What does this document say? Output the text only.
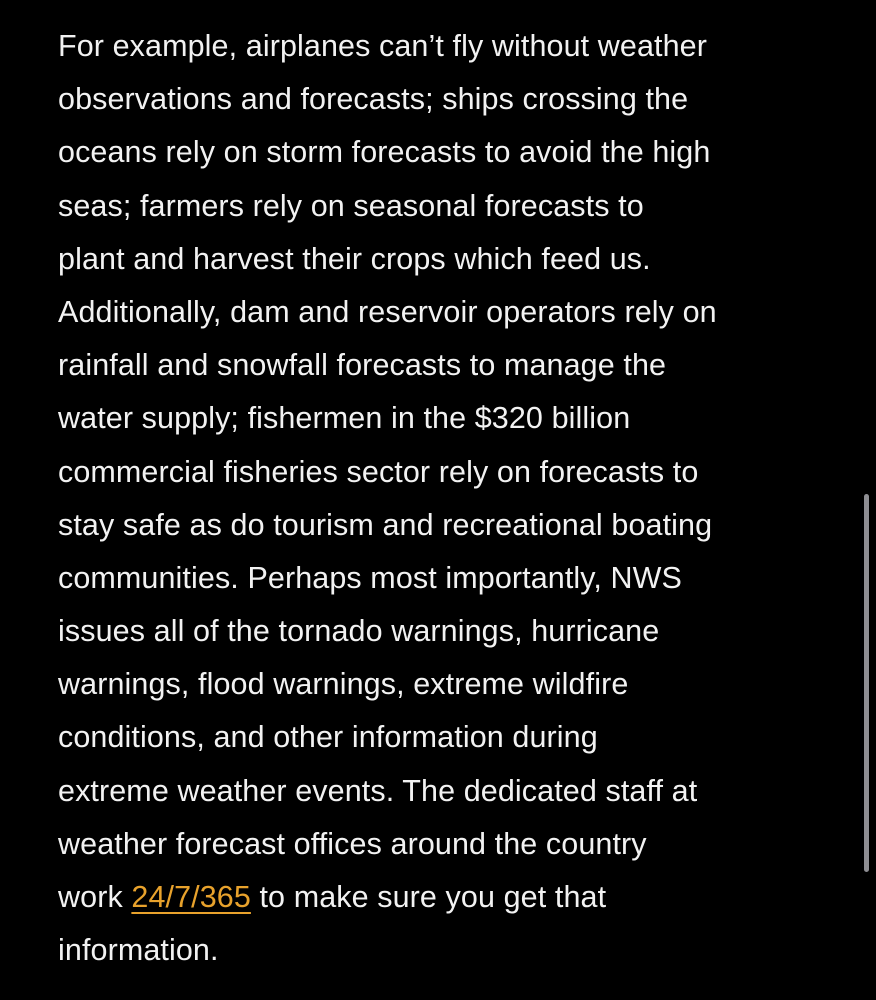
For example, airplanes can’t fly without weather
observations and forecasts; ships crossing the
oceans rely on storm forecasts to avoid the high
seas; farmers rely on seasonal forecasts to
plant and harvest their crops which feed us.
Additionally, dam and reservoir operators rely on
rainfall and snowfall forecasts to manage the
water supply; fishermen in the $320 billion
commercial fisheries sector rely on forecasts to
stay safe as do tourism and recreational boating
communities. Perhaps most importantly, NWS
issues all of the tornado warnings, hurricane
warnings, flood warnings, extreme wildfire
conditions, and other information during
extreme weather events. The dedicated staff at
weather forecast offices around the country
work 24/7/365 to make sure you get that
information.
